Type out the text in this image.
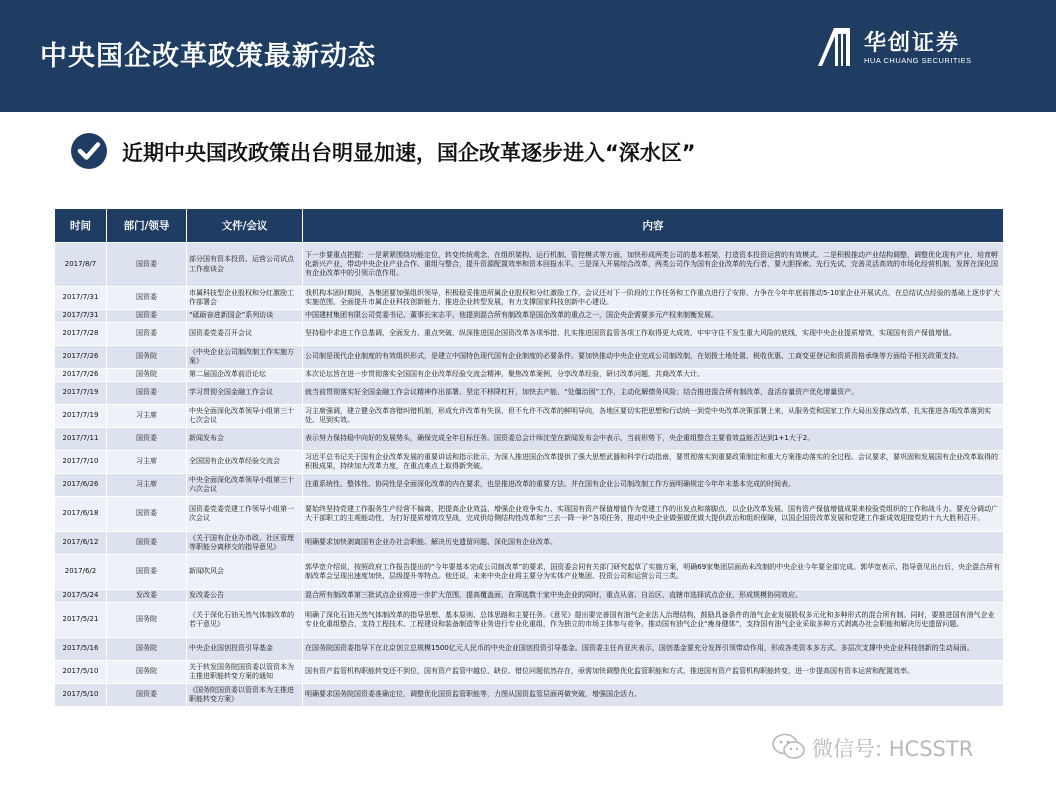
中央国企改革政策最新动态	华创证券
HUA CHUANG SECURITIES
近期中央国改政策出台明显加速，国企改革逐步进入“深水区”
时间	部门/领导	文件/会议	内容
2017/8/7	国资委	部分国有资本投资、运营公司试点工作座谈会	下一步要重点把握：一是紧紧围绕功能定位，转变传统观念，在组织架构、运行机制、管控模式等方面，加快形成两类公司的基本框架，打造资本投资运营的有效模式。二是积极推动产业结构调整，调整优化现有产业，培育孵化新兴产业，带动中央企业产业合作、重组与整合，提升资源配置效率和资本回报水平。三是深入开展综合改革，两类公司作为国有企业改革的先行者，要大胆探索、先行先试，完善灵活高效的市场化经营机制，发挥在深化国有企业改革中的引领示范作用。
2017/7/31	国资委	市属科技型企业股权和分红激励工作部署会	我机构本固时期间，各集团要加强组织领导，积极稳妥推进所属企业股权和分红激励工作，会议还对下一阶段的工作任务和工作重点进行了安排，力争在今年年底前推动5-10家企业开展试点，在总结试点经验的基础上逐步扩大实施范围，全面提升市属企业科技创新能力，推进企业转型发展，有力支撑国家科技创新中心建设。
2017/7/31	国资委	“砥砺奋进新国企”系列访谈	中国建材集团有限公司党委书记、董事长宋志平，他提到混合所有制改革是国企改革的重点之一，国企央企需要多元产权来制衡发展。
2017/7/28	国资委	国资委党委召开会议	坚持稳中求进工作总基调，全面发力、重点突破、纵深推进国企国资改革各项举措，扎实推进国资监管各项工作取得更大成效，牢牢守住不发生重大风险的底线，实现中央企业提质增效，实现国有资产保值增值。
2017/7/26	国务院	《中央企业公司制改制工作实施方案》	公司制是现代企业制度的有效组织形式，是建立中国特色现代国有企业制度的必要条件。要加快推动中央企业完成公司制改制，在划拨土地处置、税收优惠、工商变更登记和资质资格承继等方面给予相关政策支持。
2017/7/26	国务院	第二届国企改革前沿论坛	本次论坛旨在进一步贯彻落实全国国有企业改革经验交流会精神，聚焦改革案例，分享改革经验，研讨改革问题，共商改革大计。
2017/7/19	国资委	学习贯彻全国金融工作会议	就当前贯彻落实好全国金融工作会议精神作出部署。坚定不移降杠杆，加快去产能、“处僵治困”工作，主动化解债务风险；结合推进混合所有制改革，盘活存量资产优化增量资产。
2017/7/19	习主席	中央全面深化改革领导小组第三十七次会议	习主席强调，建立健全改革容错纠错机制，形成允许改革有失误、但不允许不改革的鲜明导向，各地区要切实把思想和行动统一到党中央改革决策部署上来，从服务党和国家工作大局出发推动改革，扎实推进各项改革落到实处、见到实效。
2017/7/11	国资委	新闻发布会	表示努力保持稳中向好的发展势头，确保完成全年目标任务。国资委总会计师沈莹在新闻发布会中表示，当前形势下，央企重组整合主要看效益能否达到1+1大于2。
2017/7/10	习主席	全国国有企业改革经验交流会	习近平总书记关于国有企业改革发展的重要讲话和指示批示，为深入推进国企改革提供了强大思想武器和科学行动指南，要贯彻落实到重要政策制定和重大方案推动落实的全过程。会议要求，要巩固和发展国有企业改革取得的积极成果，持续加大改革力度，在重点难点上取得新突破。
2017/6/26	习主席	中央全面深化改革领导小组第三十六次会议	注重系统性、整体性、协同性是全面深化改革的内在要求，也是推进改革的重要方法。并在国有企业公司制改制工作方面明确规定今年年末基本完成的时间表。
2017/6/18	国资委	国资委党委党建工作领导小组第一次会议	要始终坚持党建工作服务生产经营不偏离，把提高企业效益、增强企业竞争实力、实现国有资产保值增值作为党建工作的出发点和落脚点，以企业改革发展、国有资产保值增值成果来检验党组织的工作和战斗力。要充分调动广大干部职工的主观能动性，为打好提质增效攻坚战，完成供给侧结构性改革和“三去一降一补”各项任务，推动中央企业做强做优做大提供政治和组织保障，以国企国资改革发展和党建工作新成效迎接党的十九大胜利召开。
2017/6/12	国资委	《关于国有企业办市政、社区管理等职能分离移交的指导意见》	明确要求加快剥离国有企业办社会职能、解决历史遗留问题、深化国有企业改革。
2017/6/2	国资委	新闻吹风会	郭华宽介绍说，按照政府工作报告提出的“今年要基本完成公司制改革”的要求，国资委会同有关部门研究起草了实施方案，明确69家集团层面尚未改制的中央企业今年要全部完成。郭华宽表示，指导意见出台后，央企混合所有制改革会呈现出速度加快、层级提升等特点。他还说，未来中央企业将主要分为实体产业集团、投资公司和运营公司三类。
2017/5/24	发改委	发改委公告	混合所有制改革第三批试点企业将进一步扩大范围，提高覆盖面，在筛选数十家中央企业的同时，重点从省、自治区、直辖市选择试点企业，形成规模协同效应。
2017/5/21	国务院	《关于深化石油天然气体制改革的若干意见》	明确了深化石油天然气体制改革的指导思想、基本原则、总体思路和主要任务。《意见》提出要完善国有油气企业法人治理结构，鼓励具备条件的油气企业发展股权多元化和多种形式的混合所有制。同时，要推进国有油气企业专业化重组整合，支持工程技术、工程建设和装备制造等业务进行专业化重组，作为独立的市场主体参与竞争。推动国有油气企业“瘦身健体”，支持国有油气企业采取多种方式剥离办社会职能和解决历史遗留问题。
2017/5/16	国务院	中央企业国创投资引导基金	在国务院国资委指导下在北京创立总规模1500亿元人民币的中央企业国创投资引导基金。国资委主任肖亚庆表示，国创基金要充分发挥引领带动作用，形成各类资本多方式、多层次支撑中央企业科技创新的生动局面。
2017/5/10	国务院	关于转发国务院国资委以管资本为主推进职能转变方案的通知	国有资产监管机构职能转变还不到位，国有资产监管中越位、缺位、错位问题依然存在，亟需加快调整优化监管职能和方式，推进国有资产监管机构职能转变，进一步提高国有资本运营和配置效率。
2017/5/10	国资委	《国务院国资委以管资本为主推进职能转变方案》	明确要求国务院国资委准确定位，调整优化国资监管职能等，力图从国资监管层面再做突破，增强国企活力。
微信号: HCSSTR
